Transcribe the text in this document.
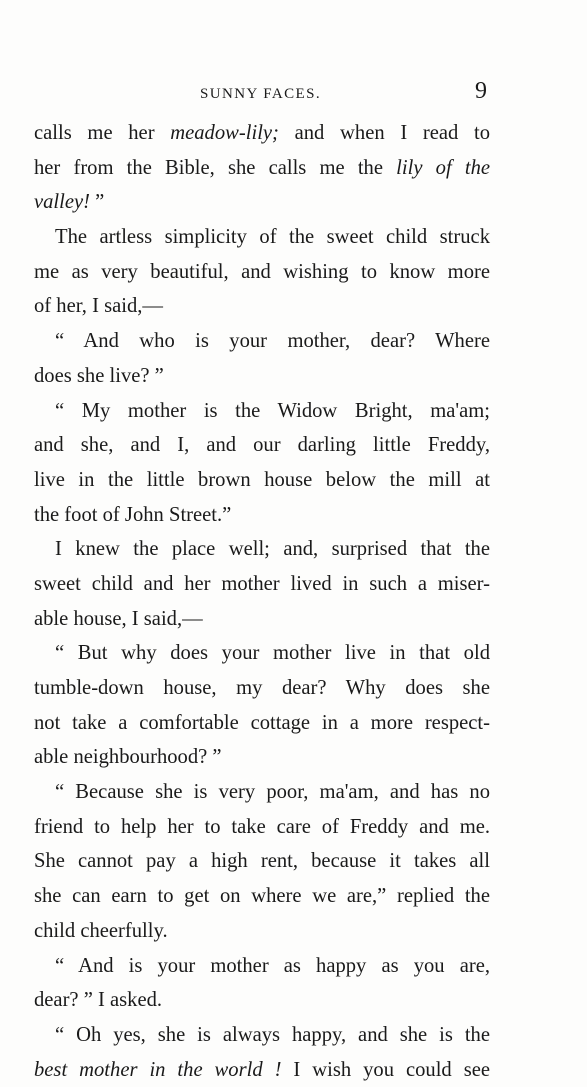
SUNNY FACES.	9
calls me her meadow-lily; and when I read to
her from the Bible, she calls me the lily of the
valley! ”
The artless simplicity of the sweet child struck
me as very beautiful, and wishing to know more
of her, I said,—
“ And who is your mother, dear? Where
does she live? ”
“ My mother is the Widow Bright, ma'am;
and she, and I, and our darling little Freddy,
live in the little brown house below the mill at
the foot of John Street.”
I knew the place well; and, surprised that the
sweet child and her mother lived in such a miser-
able house, I said,—
“ But why does your mother live in that old
tumble-down house, my dear? Why does she
not take a comfortable cottage in a more respect-
able neighbourhood? ”
“ Because she is very poor, ma'am, and has no
friend to help her to take care of Freddy and me.
She cannot pay a high rent, because it takes all
she can earn to get on where we are,” replied the
child cheerfully.
“ And is your mother as happy as you are,
dear? ” I asked.
“ Oh yes, she is always happy, and she is the
best mother in the world ! I wish you could see
